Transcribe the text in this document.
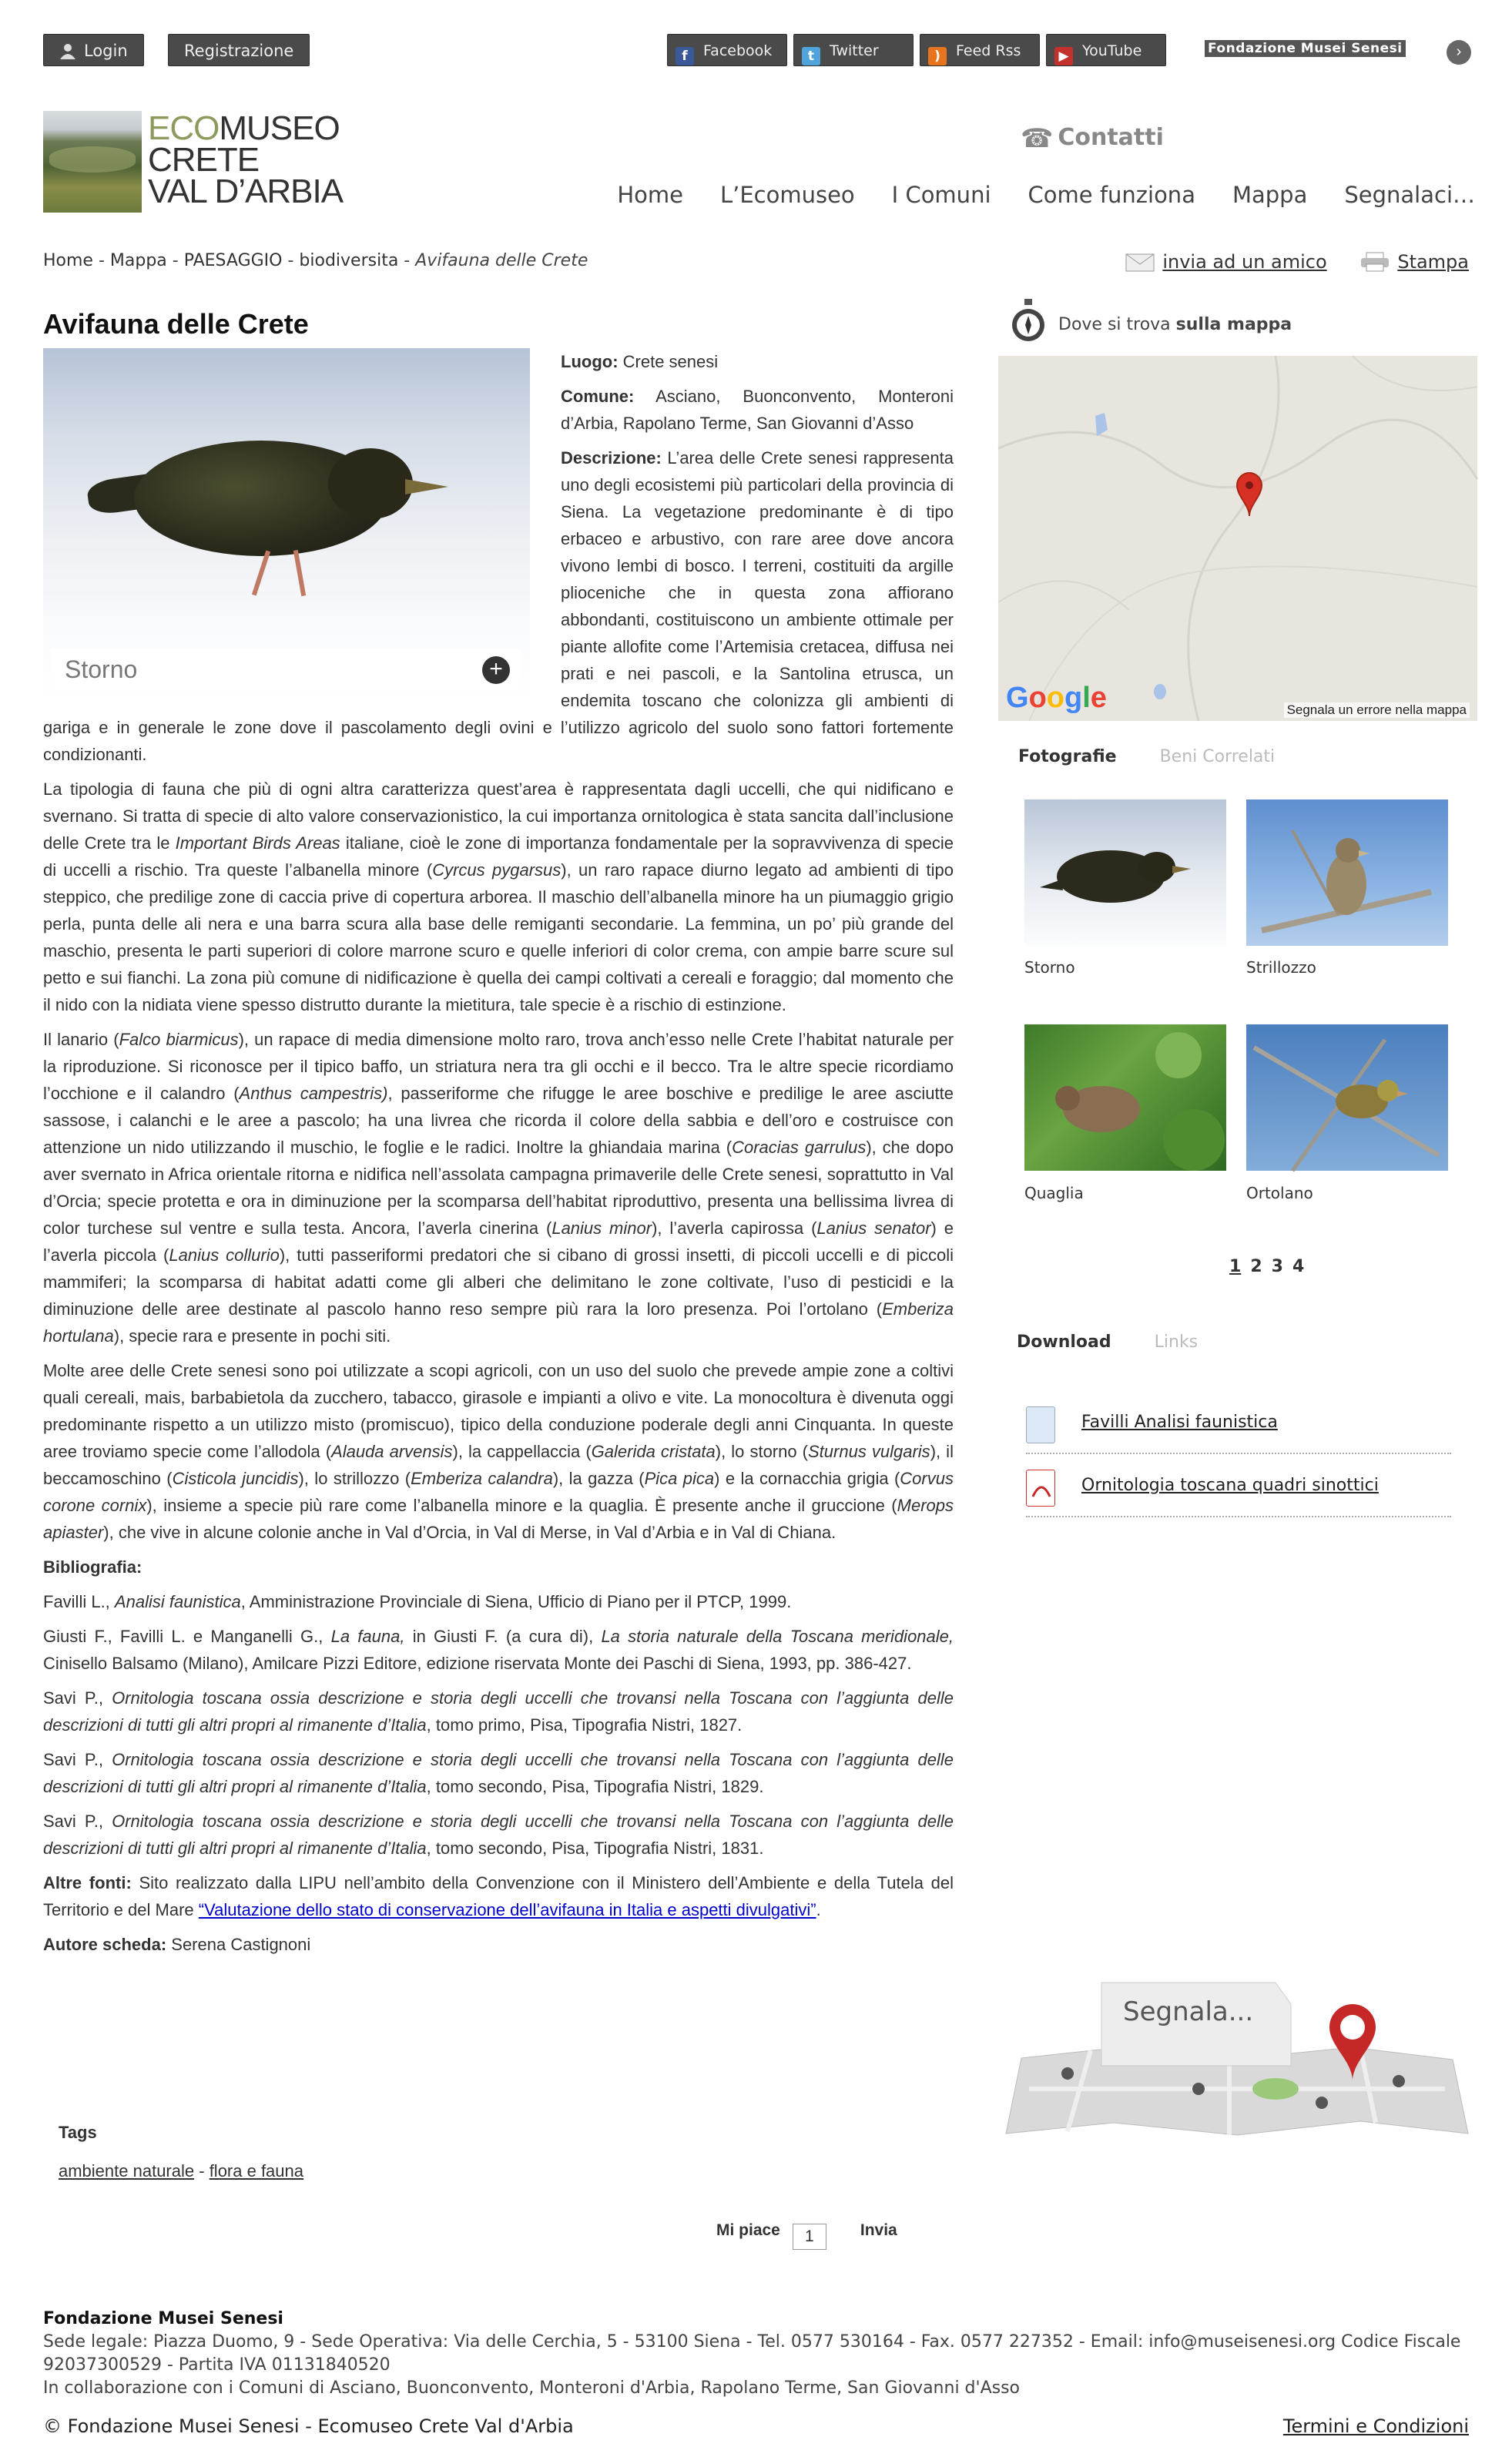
Login	Registrazione	f Facebook	t Twitter	) Feed Rss	▶ YouTube	Fondazione Musei Senesi	›
ECOMUSEO
CRETE
VAL D’ARBIA
☎ Contatti
Home L’Ecomuseo I Comuni Come funziona Mappa Segnalaci…
Home - Mappa - PAESAGGIO - biodiversita - Avifauna delle Crete	invia ad un amico	Stampa
Avifauna delle Crete
Storno	+

Luogo: Crete senesi

Comune: Asciano, Buonconvento, Monteroni d’Arbia, Rapolano Terme, San Giovanni d’Asso

Descrizione: L’area delle Crete senesi rappresenta uno degli ecosistemi più particolari della provincia di Siena. La vegetazione predominante è di tipo erbaceo e arbustivo, con rare aree dove ancora vivono lembi di bosco. I terreni, costituiti da argille plioceniche che in questa zona affiorano abbondanti, costituiscono un ambiente ottimale per piante allofite come l’Artemisia cretacea, diffusa nei prati e nei pascoli, e la Santolina etrusca, un endemita toscano che colonizza gli ambienti di gariga e in generale le zone dove il pascolamento degli ovini e l’utilizzo agricolo del suolo sono fattori fortemente condizionanti.

La tipologia di fauna che più di ogni altra caratterizza quest’area è rappresentata dagli uccelli, che qui nidificano e svernano. Si tratta di specie di alto valore conservazionistico, la cui importanza ornitologica è stata sancita dall’inclusione delle Crete tra le Important Birds Areas italiane, cioè le zone di importanza fondamentale per la sopravvivenza di specie di uccelli a rischio. Tra queste l’albanella minore (Cyrcus pygarsus), un raro rapace diurno legato ad ambienti di tipo steppico, che predilige zone di caccia prive di copertura arborea. Il maschio dell’albanella minore ha un piumaggio grigio perla, punta delle ali nera e una barra scura alla base delle remiganti secondarie. La femmina, un po’ più grande del maschio, presenta le parti superiori di colore marrone scuro e quelle inferiori di color crema, con ampie barre scure sul petto e sui fianchi. La zona più comune di nidificazione è quella dei campi coltivati a cereali e foraggio; dal momento che il nido con la nidiata viene spesso distrutto durante la mietitura, tale specie è a rischio di estinzione.

Il lanario (Falco biarmicus), un rapace di media dimensione molto raro, trova anch’esso nelle Crete l’habitat naturale per la riproduzione. Si riconosce per il tipico baffo, un striatura nera tra gli occhi e il becco. Tra le altre specie ricordiamo l’occhione e il calandro (Anthus campestris), passeriforme che rifugge le aree boschive e predilige le aree asciutte sassose, i calanchi e le aree a pascolo; ha una livrea che ricorda il colore della sabbia e dell’oro e costruisce con attenzione un nido utilizzando il muschio, le foglie e le radici. Inoltre la ghiandaia marina (Coracias garrulus), che dopo aver svernato in Africa orientale ritorna e nidifica nell’assolata campagna primaverile delle Crete senesi, soprattutto in Val d’Orcia; specie protetta e ora in diminuzione per la scomparsa dell’habitat riproduttivo, presenta una bellissima livrea di color turchese sul ventre e sulla testa. Ancora, l’averla cinerina (Lanius minor), l’averla capirossa (Lanius senator) e l’averla piccola (Lanius collurio), tutti passeriformi predatori che si cibano di grossi insetti, di piccoli uccelli e di piccoli mammiferi; la scomparsa di habitat adatti come gli alberi che delimitano le zone coltivate, l’uso di pesticidi e la diminuzione delle aree destinate al pascolo hanno reso sempre più rara la loro presenza. Poi l’ortolano (Emberiza hortulana), specie rara e presente in pochi siti.

Molte aree delle Crete senesi sono poi utilizzate a scopi agricoli, con un uso del suolo che prevede ampie zone a coltivi quali cereali, mais, barbabietola da zucchero, tabacco, girasole e impianti a olivo e vite. La monocoltura è divenuta oggi predominante rispetto a un utilizzo misto (promiscuo), tipico della conduzione poderale degli anni Cinquanta. In queste aree troviamo specie come l’allodola (Alauda arvensis), la cappellaccia (Galerida cristata), lo storno (Sturnus vulgaris), il beccamoschino (Cisticola juncidis), lo strillozzo (Emberiza calandra), la gazza (Pica pica) e la cornacchia grigia (Corvus corone cornix), insieme a specie più rare come l’albanella minore e la quaglia. È presente anche il gruccione (Merops apiaster), che vive in alcune colonie anche in Val d’Orcia, in Val di Merse, in Val d’Arbia e in Val di Chiana.

Bibliografia:

Favilli L., Analisi faunistica, Amministrazione Provinciale di Siena, Ufficio di Piano per il PTCP, 1999.

Giusti F., Favilli L. e Manganelli G., La fauna, in Giusti F. (a cura di), La storia naturale della Toscana meridionale, Cinisello Balsamo (Milano), Amilcare Pizzi Editore, edizione riservata Monte dei Paschi di Siena, 1993, pp. 386-427.

Savi P., Ornitologia toscana ossia descrizione e storia degli uccelli che trovansi nella Toscana con l’aggiunta delle descrizioni di tutti gli altri propri al rimanente d’Italia, tomo primo, Pisa, Tipografia Nistri, 1827.

Savi P., Ornitologia toscana ossia descrizione e storia degli uccelli che trovansi nella Toscana con l’aggiunta delle descrizioni di tutti gli altri propri al rimanente d’Italia, tomo secondo, Pisa, Tipografia Nistri, 1829.

Savi P., Ornitologia toscana ossia descrizione e storia degli uccelli che trovansi nella Toscana con l’aggiunta delle descrizioni di tutti gli altri propri al rimanente d’Italia, tomo secondo, Pisa, Tipografia Nistri, 1831.

Altre fonti: Sito realizzato dalla LIPU nell’ambito della Convenzione con il Ministero dell’Ambiente e della Tutela del Territorio e del Mare “Valutazione dello stato di conservazione dell’avifauna in Italia e aspetti divulgativi”.

Autore scheda: Serena Castignoni

Tags
ambiente naturale - flora e fauna
Mi piace 1	Invia
Dove si trova sulla mappa
Google	Segnala un errore nella mappa
Fotografie	Beni Correlati
Storno	Strillozzo
Quaglia	Ortolano
1 2 3 4
Download	Links
Favilli Analisi faunistica
Ornitologia toscana quadri sinottici
Segnala...
Fondazione Musei Senesi
Sede legale: Piazza Duomo, 9 - Sede Operativa: Via delle Cerchia, 5 - 53100 Siena - Tel. 0577 530164 - Fax. 0577 227352 - Email: info@museisenesi.org Codice Fiscale 92037300529 - Partita IVA 01131840520
In collaborazione con i Comuni di Asciano, Buonconvento, Monteroni d'Arbia, Rapolano Terme, San Giovanni d'Asso
© Fondazione Musei Senesi - Ecomuseo Crete Val d'Arbia	Termini e Condizioni
